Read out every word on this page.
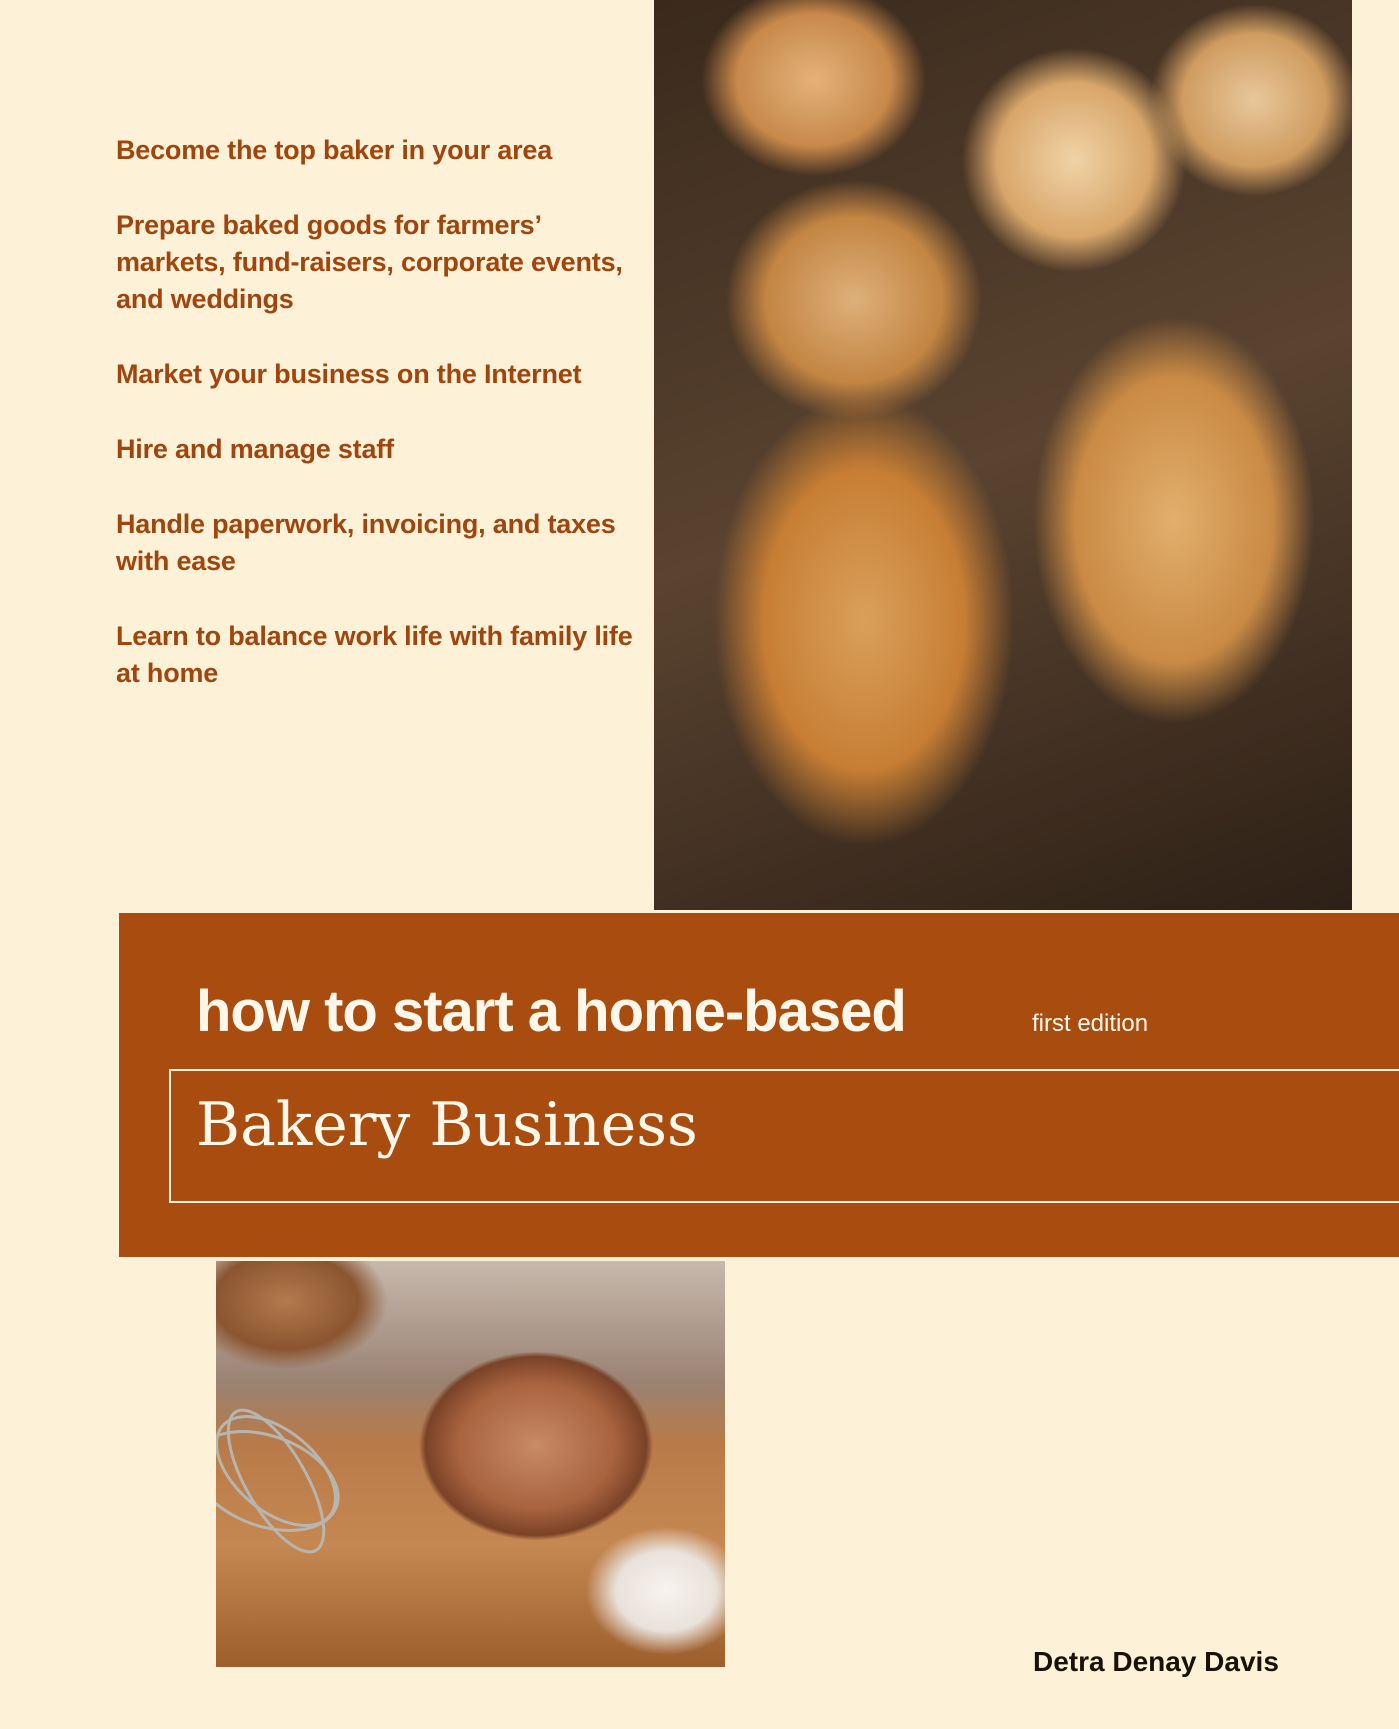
Become the top baker in your area

Prepare baked goods for farmers’ markets, fund-raisers, corporate events, and weddings

Market your business on the Internet

Hire and manage staff

Handle paperwork, invoicing, and taxes with ease

Learn to balance work life with family life at home

how to start a home-based	first edition
Bakery Business
Detra Denay Davis
